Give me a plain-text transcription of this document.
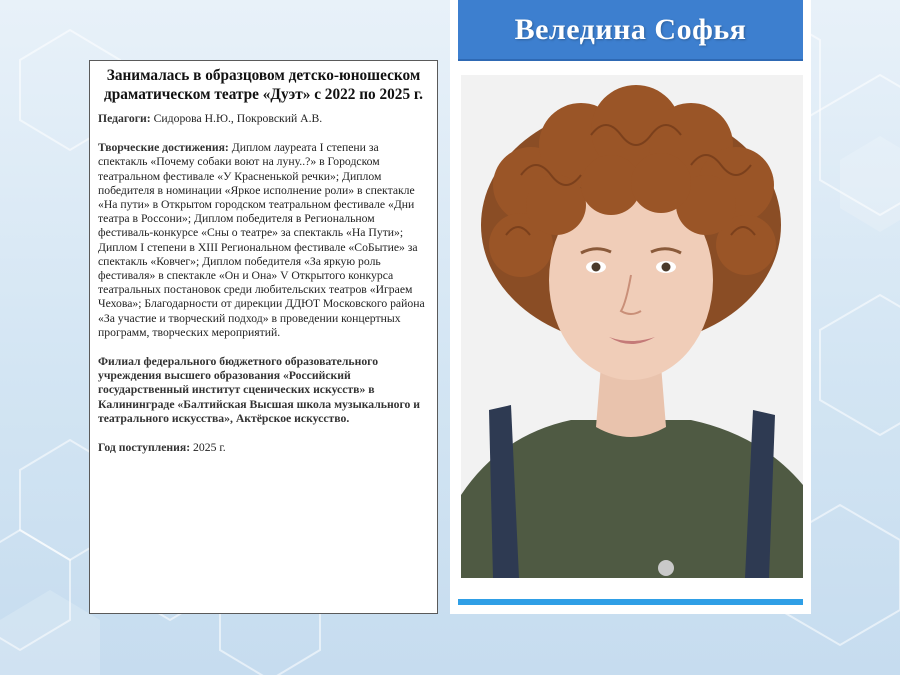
Занималась в образцовом детско-юношеском драматическом театре «Дуэт» с 2022 по 2025 г.

Педагоги: Сидорова Н.Ю., Покровский А.В.

Творческие достижения: Диплом лауреата I степени за спектакль «Почему собаки воют на луну..?» в Городском театральном фестивале «У Красненькой речки»; Диплом победителя в номинации «Яркое исполнение роли» в спектакле «На пути» в Открытом городском театральном фестивале «Дни театра в Россони»; Диплом победителя в Региональном фестиваль-конкурсе «Сны о театре» за спектакль «На Пути»; Диплом I степени в XIII Региональном фестивале «СоБытие» за спектакль «Ковчег»; Диплом победителя «За яркую роль фестиваля» в спектакле «Он и Она» V Открытого конкурса театральных постановок среди любительских театров «Играем Чехова»; Благодарности от дирекции ДДЮТ Московского района «За участие и творческий подход» в проведении концертных программ, творческих мероприятий.

Филиал федерального бюджетного образовательного учреждения высшего образования «Российский государственный институт сценических искусств» в Калининграде «Балтийская Высшая школа музыкального и театрального искусства», Актёрское искусство.

Год поступления: 2025 г.

Веледина Софья
